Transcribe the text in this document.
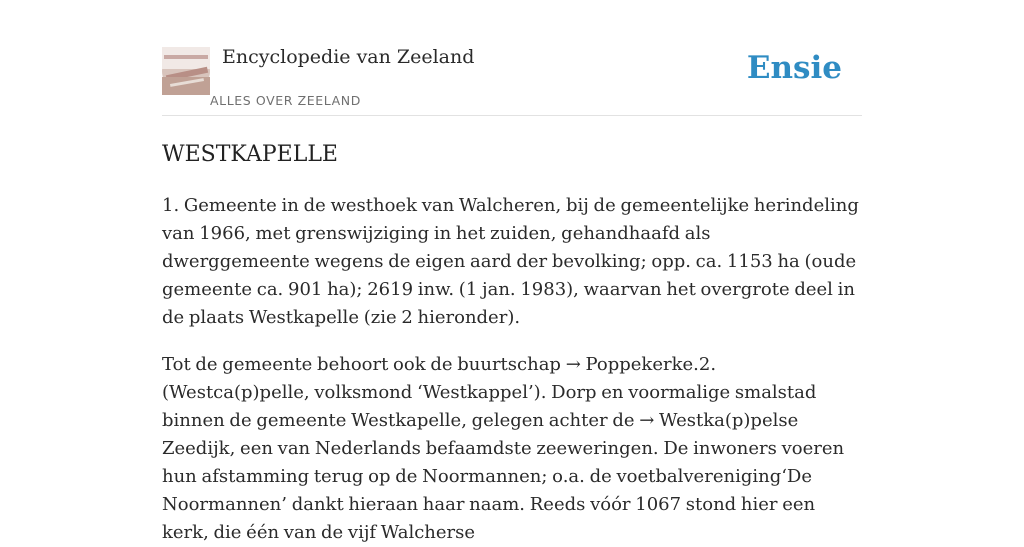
Encyclopedie van Zeeland
ALLES OVER ZEELAND
Ensie
WESTKAPELLE

1. Gemeente in de westhoek van Walcheren, bij de gemeentelijke herindeling van 1966, met grenswijziging in het zuiden, gehandhaafd als dwerggemeente wegens de eigen aard der bevolking; opp. ca. 1153 ha (oude gemeente ca. 901 ha); 2619 inw. (1 jan. 1983), waarvan het overgrote deel in de plaats Westkapelle (zie 2 hieronder).

Tot de gemeente behoort ook de buurtschap → Poppekerke.2. (Westca(p)pelle, volksmond ‘Westkappel’). Dorp en voormalige smalstad binnen de gemeente Westkapelle, gelegen achter de → Westka(p)pelse Zeedijk, een van Nederlands befaamdste zeeweringen. De inwoners voeren hun afstamming terug op de Noormannen; o.a. de voetbalvereniging‘De Noormannen’ dankt hieraan haar naam. Reeds vóór 1067 stond hier een kerk, die één van de vijf Walcherse
